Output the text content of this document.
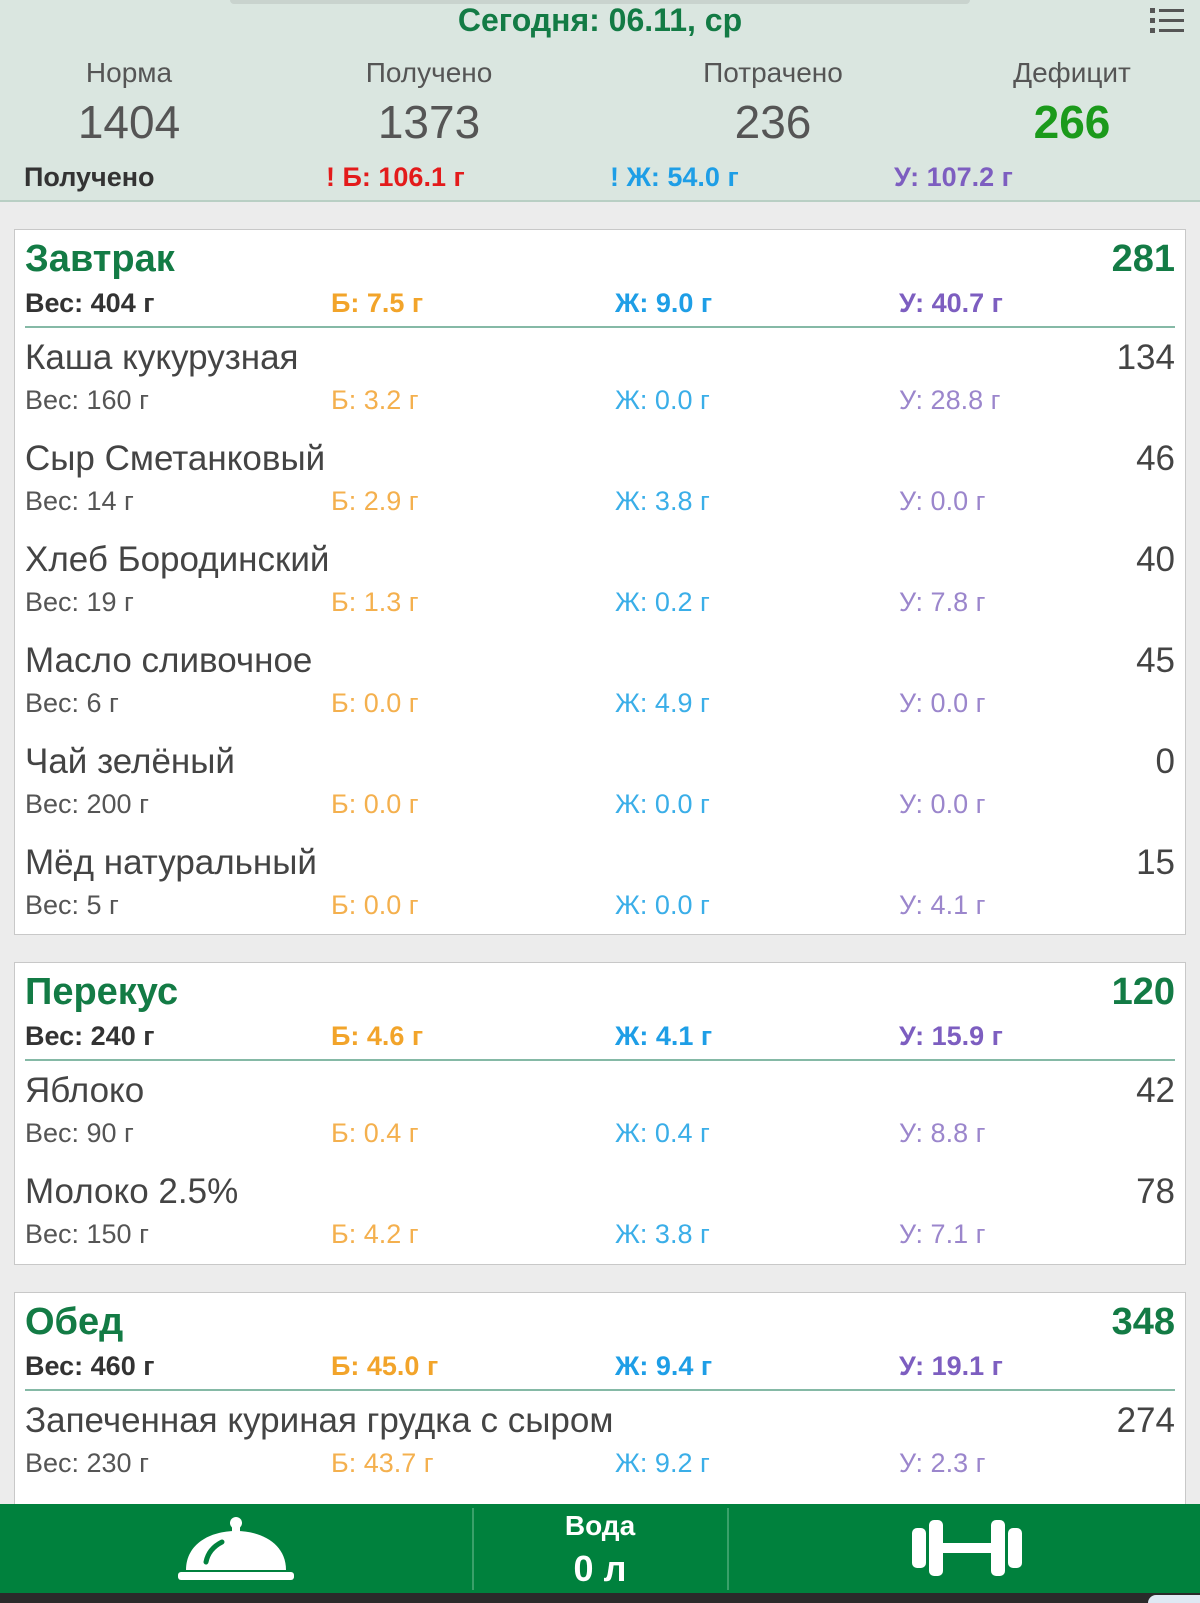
Сегодня: 06.11, ср
Норма
1404
Получено
1373
Потрачено
236
Дефицит
266
Получено	! Б: 106.1 г	! Ж: 54.0 г	У: 107.2 г
Завтрак	281
Вес: 404 г	Б: 7.5 г	Ж: 9.0 г	У: 40.7 г
Каша кукурузная	134
Вес: 160 г	Б: 3.2 г	Ж: 0.0 г	У: 28.8 г
Сыр Сметанковый	46
Вес: 14 г	Б: 2.9 г	Ж: 3.8 г	У: 0.0 г
Хлеб Бородинский	40
Вес: 19 г	Б: 1.3 г	Ж: 0.2 г	У: 7.8 г
Масло сливочное	45
Вес: 6 г	Б: 0.0 г	Ж: 4.9 г	У: 0.0 г
Чай зелёный	0
Вес: 200 г	Б: 0.0 г	Ж: 0.0 г	У: 0.0 г
Мёд натуральный	15
Вес: 5 г	Б: 0.0 г	Ж: 0.0 г	У: 4.1 г
Перекус	120
Вес: 240 г	Б: 4.6 г	Ж: 4.1 г	У: 15.9 г
Яблоко	42
Вес: 90 г	Б: 0.4 г	Ж: 0.4 г	У: 8.8 г
Молоко 2.5%	78
Вес: 150 г	Б: 4.2 г	Ж: 3.8 г	У: 7.1 г
Обед	348
Вес: 460 г	Б: 45.0 г	Ж: 9.4 г	У: 19.1 г
Запеченная куриная грудка с сыром	274
Вес: 230 г	Б: 43.7 г	Ж: 9.2 г	У: 2.3 г
Вода
0 л
